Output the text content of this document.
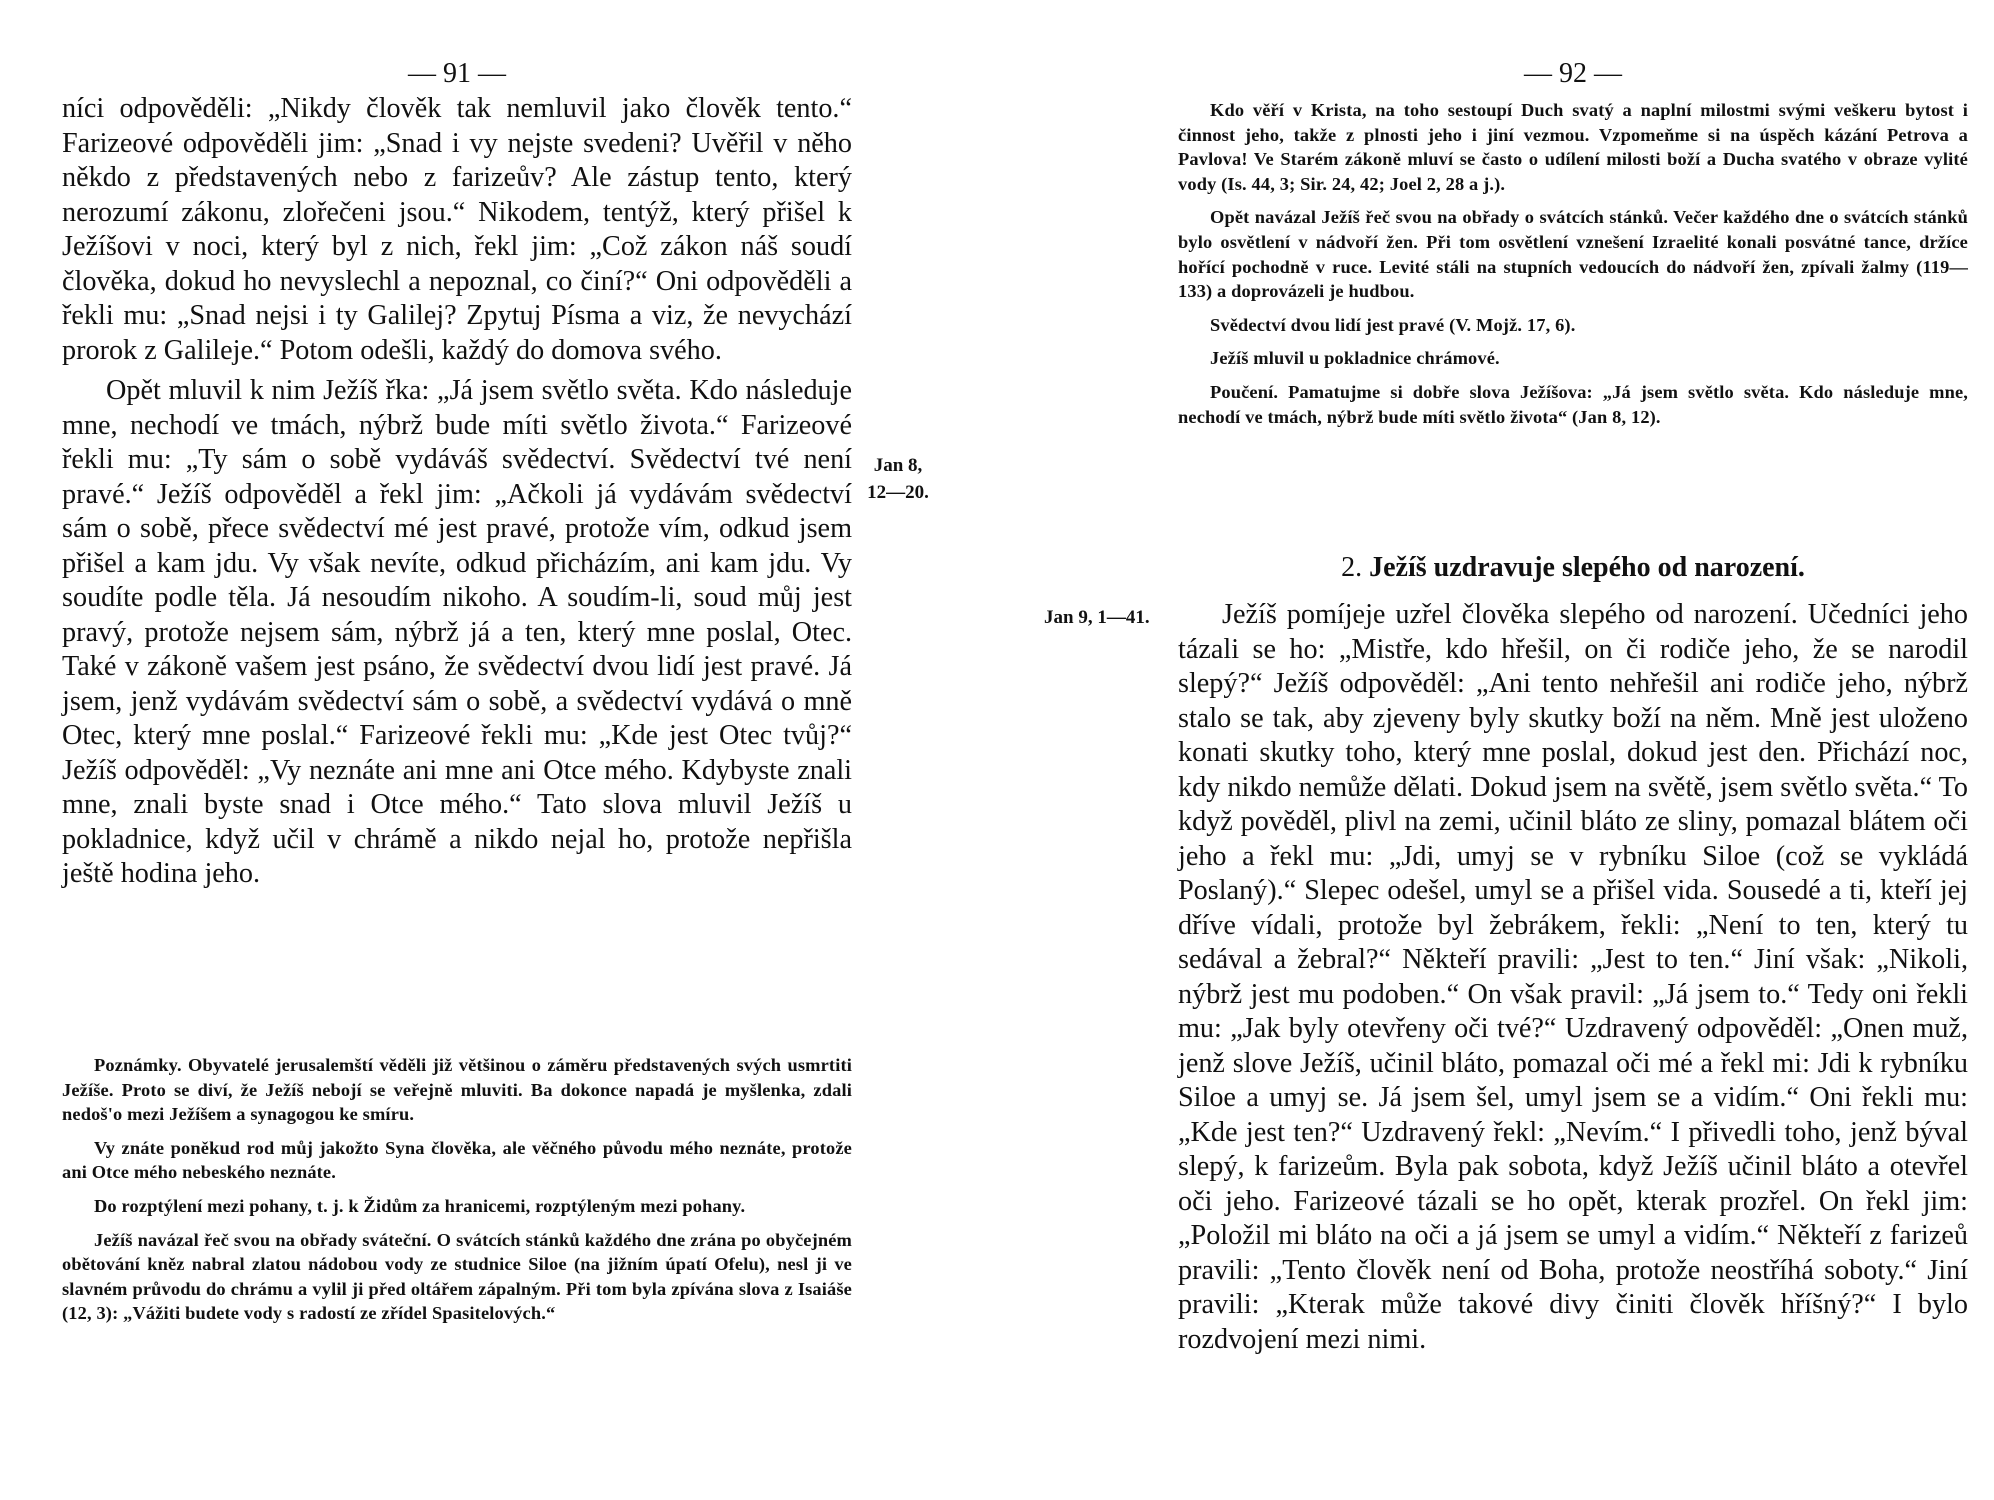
— 91 —

níci odpověděli: „Nikdy člověk tak nemluvil jako člověk tento.“ Farizeové odpověděli jim: „Snad i vy nejste svedeni? Uvěřil v něho někdo z představených nebo z farizeův? Ale zástup tento, který nerozumí zákonu, zlořečeni jsou.“ Nikodem, tentýž, který přišel k Ježíšovi v noci, který byl z nich, řekl jim: „Což zákon náš soudí člověka, dokud ho nevyslechl a nepoznal, co činí?“ Oni odpověděli a řekli mu: „Snad nejsi i ty Galilej? Zpytuj Písma a viz, že nevychází prorok z Galileje.“ Potom odešli, každý do domova svého.

Opět mluvil k nim Ježíš řka: „Já jsem světlo světa. Kdo následuje mne, nechodí ve tmách, nýbrž bude míti světlo života.“ Farizeové řekli mu: „Ty sám o sobě vydáváš svědectví. Svědectví tvé není pravé.“ Ježíš odpověděl a řekl jim: „Ačkoli já vydávám svědectví sám o sobě, přece svědectví mé jest pravé, protože vím, odkud jsem přišel a kam jdu. Vy však nevíte, odkud přicházím, ani kam jdu. Vy soudíte podle těla. Já nesoudím nikoho. A soudím-li, soud můj jest pravý, protože nejsem sám, nýbrž já a ten, který mne poslal, Otec. Také v zákoně vašem jest psáno, že svědectví dvou lidí jest pravé. Já jsem, jenž vydávám svědectví sám o sobě, a svědectví vydává o mně Otec, který mne poslal.“ Farizeové řekli mu: „Kde jest Otec tvůj?“ Ježíš odpověděl: „Vy neznáte ani mne ani Otce mého. Kdybyste znali mne, znali byste snad i Otce mého.“ Tato slova mluvil Ježíš u pokladnice, když učil v chrámě a nikdo nejal ho, protože nepřišla ještě hodina jeho.

Poznámky. Obyvatelé jerusalemští věděli již většinou o záměru představených svých usmrtiti Ježíše. Proto se diví, že Ježíš nebojí se veřejně mluviti. Ba dokonce napadá je myšlenka, zdali nedoš'o mezi Ježíšem a synagogou ke smíru.

Vy znáte poněkud rod můj jakožto Syna člověka, ale věčného původu mého neznáte, protože ani Otce mého nebeského neznáte.

Do rozptýlení mezi pohany, t. j. k Židům za hranicemi, rozptýleným mezi pohany.

Ježíš navázal řeč svou na obřady sváteční. O svátcích stánků každého dne zrána po obyčejném obětování kněz nabral zlatou nádobou vody ze studnice Siloe (na jižním úpatí Ofelu), nesl ji ve slavném průvodu do chrámu a vylil ji před oltářem zápalným. Při tom byla zpívána slova z Isaiáše (12, 3): „Vážiti budete vody s radostí ze zřídel Spasitelových.“

Jan 8,
12—20.
— 92 —

Kdo věří v Krista, na toho sestoupí Duch svatý a naplní milostmi svými veškeru bytost i činnost jeho, takže z plnosti jeho i jiní vezmou. Vzpomeňme si na úspěch kázání Petrova a Pavlova! Ve Starém zákoně mluví se často o udílení milosti boží a Ducha svatého v obraze vylité vody (Is. 44, 3; Sir. 24, 42; Joel 2, 28 a j.).

Opět navázal Ježíš řeč svou na obřady o svátcích stánků. Večer každého dne o svátcích stánků bylo osvětlení v nádvoří žen. Při tom osvětlení vznešení Izraelité konali posvátné tance, držíce hořící pochodně v ruce. Levité stáli na stupních vedoucích do nádvoří žen, zpívali žalmy (119—133) a doprovázeli je hudbou.

Svědectví dvou lidí jest pravé (V. Mojž. 17, 6).

Ježíš mluvil u pokladnice chrámové.

Poučení. Pamatujme si dobře slova Ježíšova: „Já jsem světlo světa. Kdo následuje mne, nechodí ve tmách, nýbrž bude míti světlo života“ (Jan 8, 12).

2. Ježíš uzdravuje slepého od narození.

Ježíš pomíjeje uzřel člověka slepého od narození. Učedníci jeho tázali se ho: „Mistře, kdo hřešil, on či rodiče jeho, že se narodil slepý?“ Ježíš odpověděl: „Ani tento nehřešil ani rodiče jeho, nýbrž stalo se tak, aby zjeveny byly skutky boží na něm. Mně jest uloženo konati skutky toho, který mne poslal, dokud jest den. Přichází noc, kdy nikdo nemůže dělati. Dokud jsem na světě, jsem světlo světa.“ To když pověděl, plivl na zemi, učinil bláto ze sliny, pomazal blátem oči jeho a řekl mu: „Jdi, umyj se v rybníku Siloe (což se vykládá Poslaný).“ Slepec odešel, umyl se a přišel vida. Sousedé a ti, kteří jej dříve vídali, protože byl žebrákem, řekli: „Není to ten, který tu sedával a žebral?“ Někteří pravili: „Jest to ten.“ Jiní však: „Nikoli, nýbrž jest mu podoben.“ On však pravil: „Já jsem to.“ Tedy oni řekli mu: „Jak byly otevřeny oči tvé?“ Uzdravený odpověděl: „Onen muž, jenž slove Ježíš, učinil bláto, pomazal oči mé a řekl mi: Jdi k rybníku Siloe a umyj se. Já jsem šel, umyl jsem se a vidím.“ Oni řekli mu: „Kde jest ten?“ Uzdravený řekl: „Nevím.“ I přivedli toho, jenž býval slepý, k farizeům. Byla pak sobota, když Ježíš učinil bláto a otevřel oči jeho. Farizeové tázali se ho opět, kterak prozřel. On řekl jim: „Položil mi bláto na oči a já jsem se umyl a vidím.“ Někteří z farizeů pravili: „Tento člověk není od Boha, protože neostříhá soboty.“ Jiní pravili: „Kterak může takové divy činiti člověk hříšný?“ I bylo rozdvojení mezi nimi.

Jan 9, 1—41.
